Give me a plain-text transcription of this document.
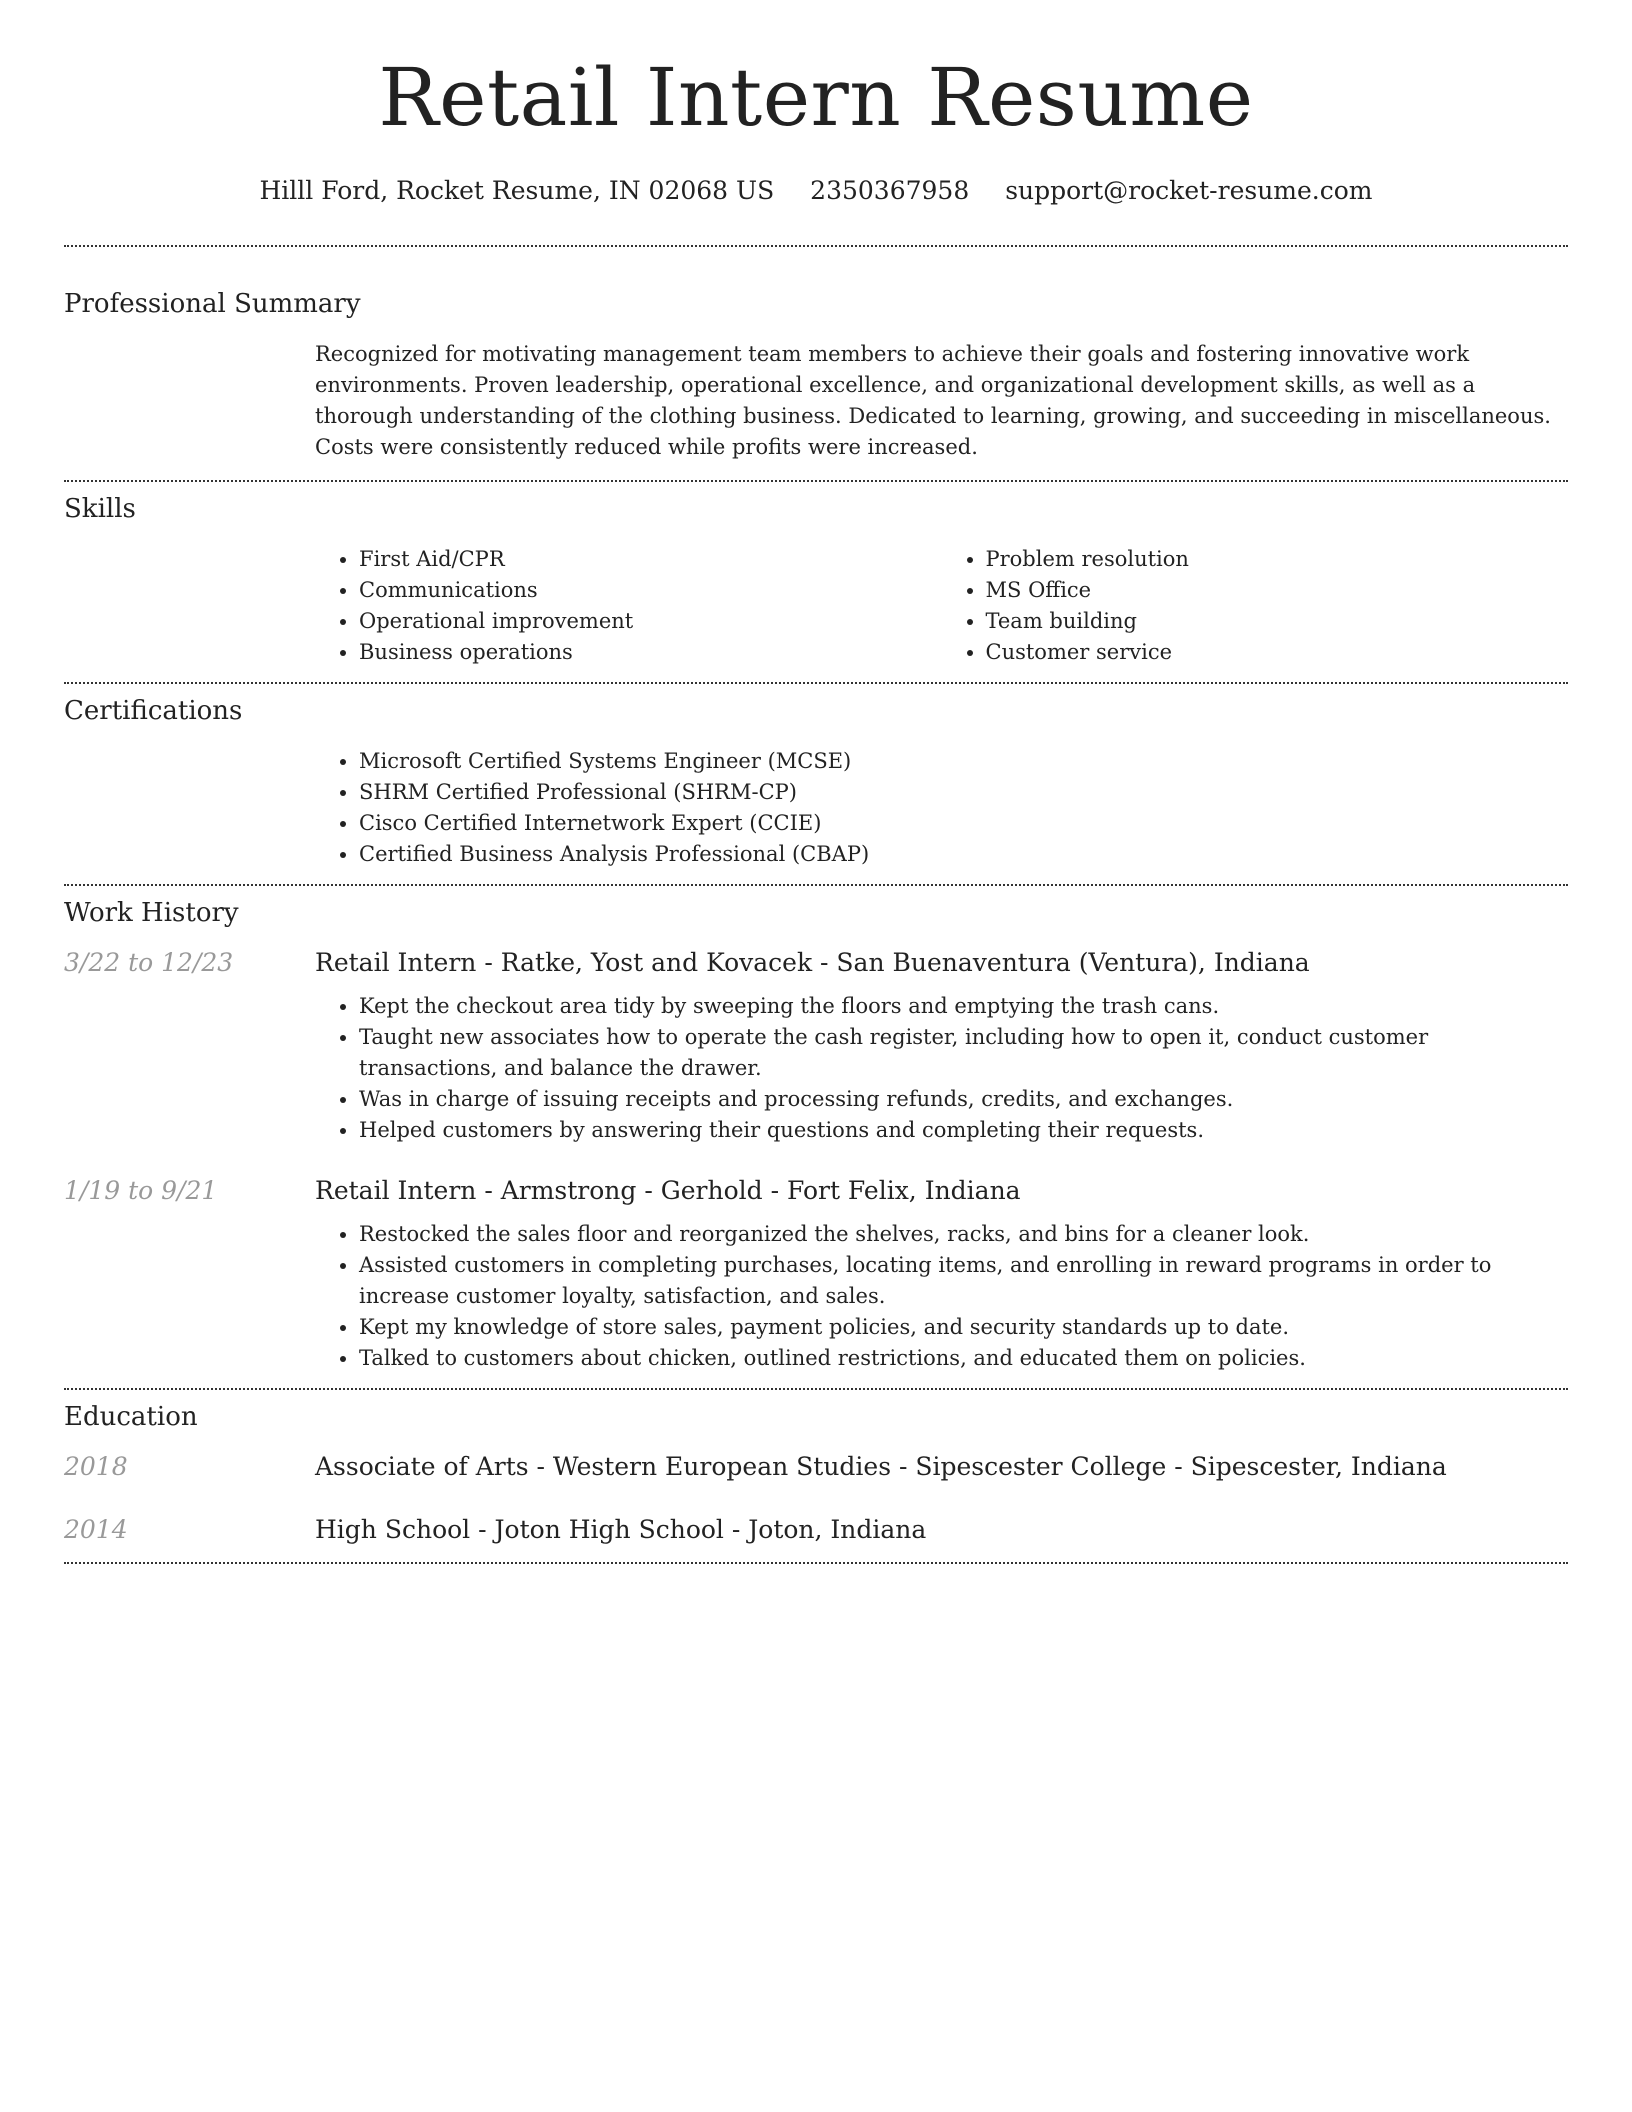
Retail Intern Resume
Hilll Ford, Rocket Resume, IN 02068 US 2350367958 support@rocket-resume.com
Professional Summary
Recognized for motivating management team members to achieve their goals and fostering innovative work environments. Proven leadership, operational excellence, and organizational development skills, as well as a thorough understanding of the clothing business. Dedicated to learning, growing, and succeeding in miscellaneous. Costs were consistently reduced while profits were increased.
Skills
• First Aid/CPR
• Communications
• Operational improvement
• Business operations
• Problem resolution
• MS Office
• Team building
• Customer service
Certifications
• Microsoft Certified Systems Engineer (MCSE)
• SHRM Certified Professional (SHRM-CP)
• Cisco Certified Internetwork Expert (CCIE)
• Certified Business Analysis Professional (CBAP)
Work History
3/22 to 12/23	Retail Intern - Ratke, Yost and Kovacek - San Buenaventura (Ventura), Indiana
• Kept the checkout area tidy by sweeping the floors and emptying the trash cans.
• Taught new associates how to operate the cash register, including how to open it, conduct customer transactions, and balance the drawer.
• Was in charge of issuing receipts and processing refunds, credits, and exchanges.
• Helped customers by answering their questions and completing their requests.
1/19 to 9/21	Retail Intern - Armstrong - Gerhold - Fort Felix, Indiana
• Restocked the sales floor and reorganized the shelves, racks, and bins for a cleaner look.
• Assisted customers in completing purchases, locating items, and enrolling in reward programs in order to increase customer loyalty, satisfaction, and sales.
• Kept my knowledge of store sales, payment policies, and security standards up to date.
• Talked to customers about chicken, outlined restrictions, and educated them on policies.
Education
2018	Associate of Arts - Western European Studies - Sipescester College - Sipescester, Indiana
2014	High School - Joton High School - Joton, Indiana
